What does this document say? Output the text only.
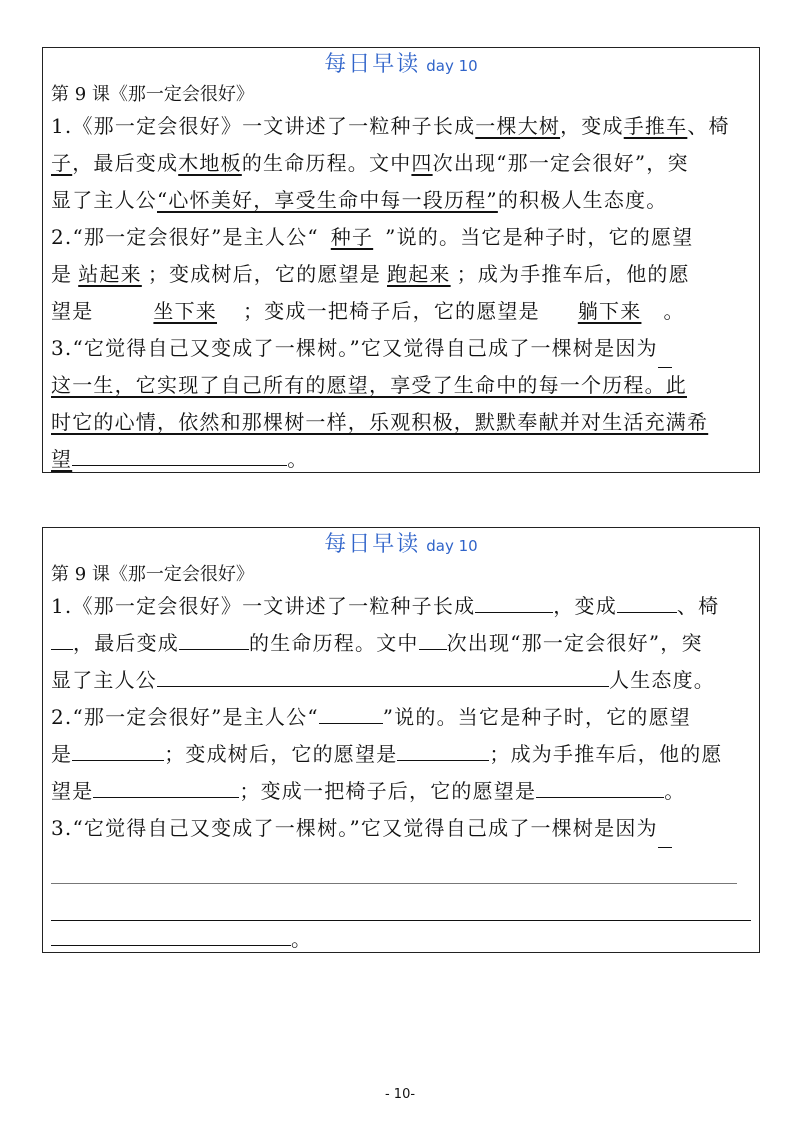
每日早读 day 10
第 9 课《那一定会很好》
1.《那一定会很好》一文讲述了一粒种子长成一棵大树，变成手推车、椅
子，最后变成木地板的生命历程。文中四次出现“那一定会很好”，突
显了主人公“心怀美好，享受生命中每一段历程”的积极人生态度。
2.“那一定会很好”是主人公“ 种子 ”说的。当它是种子时，它的愿望
是 站起来 ；变成树后，它的愿望是 跑起来 ；成为手推车后，他的愿
望是	坐下来 ；变成一把椅子后，它的愿望是 躺下来 。
3.“它觉得自己又变成了一棵树。”它又觉得自己成了一棵树是因为
这一生，它实现了自己所有的愿望，享受了生命中的每一个历程。此
时它的心情，依然和那棵树一样，乐观积极，默默奉献并对生活充满希
望	。
每日早读 day 10
第 9 课《那一定会很好》
1.《那一定会很好》一文讲述了一粒种子长成	，变成	、椅
，最后变成	的生命历程。文中 次出现“那一定会很好”，突
显了主人公	人生态度。
2.“那一定会很好”是主人公“	”说的。当它是种子时，它的愿望
是	；变成树后，它的愿望是	；成为手推车后，他的愿
望是	；变成一把椅子后，它的愿望是	。
3.“它觉得自己又变成了一棵树。”它又觉得自己成了一棵树是因为
。
- 10-
